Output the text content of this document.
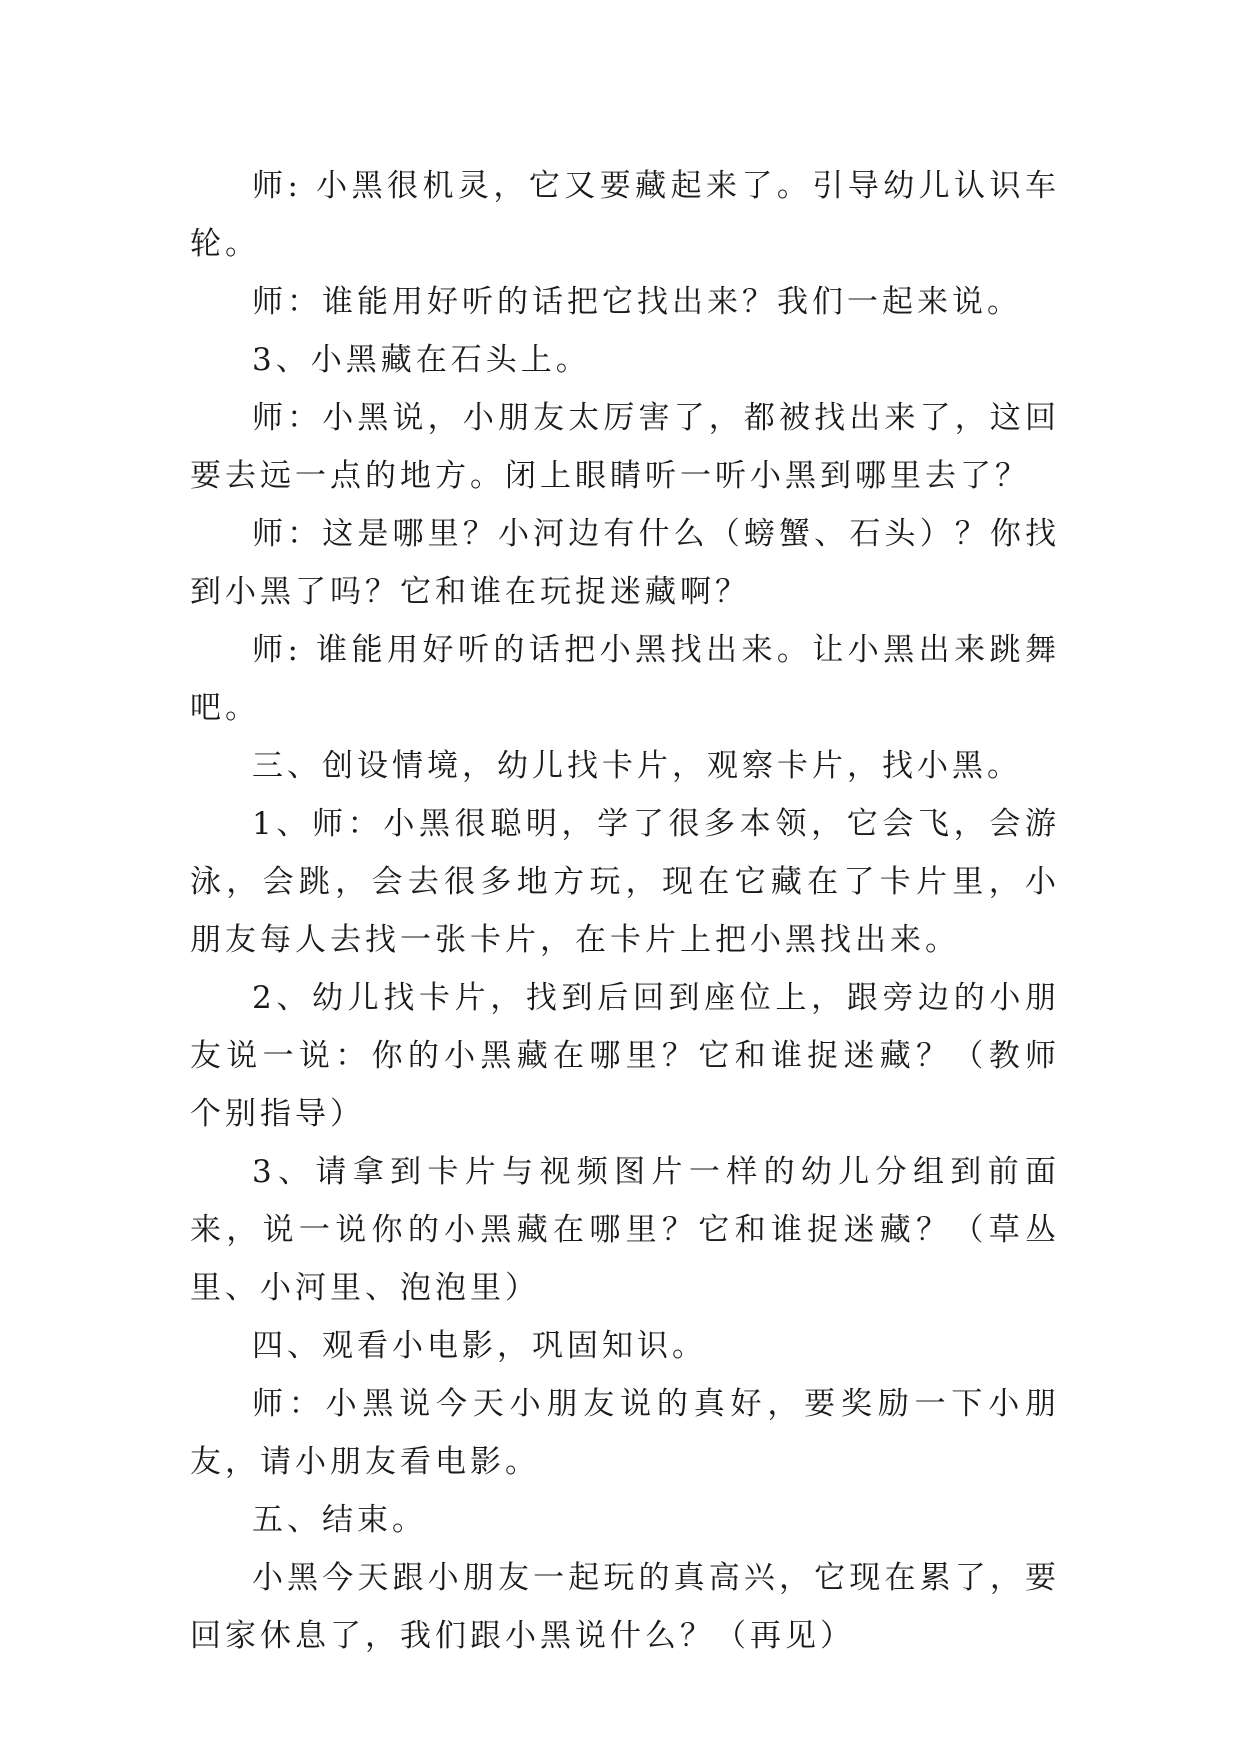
师: 小黑很机灵，它又要藏起来了。引导幼儿认识车轮。

师：谁能用好听的话把它找出来？我们一起来说。

3、小黑藏在石头上。

师：小黑说，小朋友太厉害了，都被找出来了，这回要去远一点的地方。闭上眼睛听一听小黑到哪里去了？

师：这是哪里？小河边有什么（螃蟹、石头）？你找到小黑了吗？它和谁在玩捉迷藏啊？

师: 谁能用好听的话把小黑找出来。让小黑出来跳舞吧。

三、创设情境，幼儿找卡片，观察卡片，找小黑。

1、师：小黑很聪明，学了很多本领，它会飞，会游泳，会跳，会去很多地方玩，现在它藏在了卡片里，小朋友每人去找一张卡片，在卡片上把小黑找出来。

2、幼儿找卡片，找到后回到座位上，跟旁边的小朋友说一说：你的小黑藏在哪里？它和谁捉迷藏？（教师个别指导）

3、请拿到卡片与视频图片一样的幼儿分组到前面来，说一说你的小黑藏在哪里？它和谁捉迷藏？（草丛里、小河里、泡泡里）

四、观看小电影，巩固知识。

师：小黑说今天小朋友说的真好，要奖励一下小朋友，请小朋友看电影。

五、结束。

小黑今天跟小朋友一起玩的真高兴，它现在累了，要回家休息了，我们跟小黑说什么？（再见）
